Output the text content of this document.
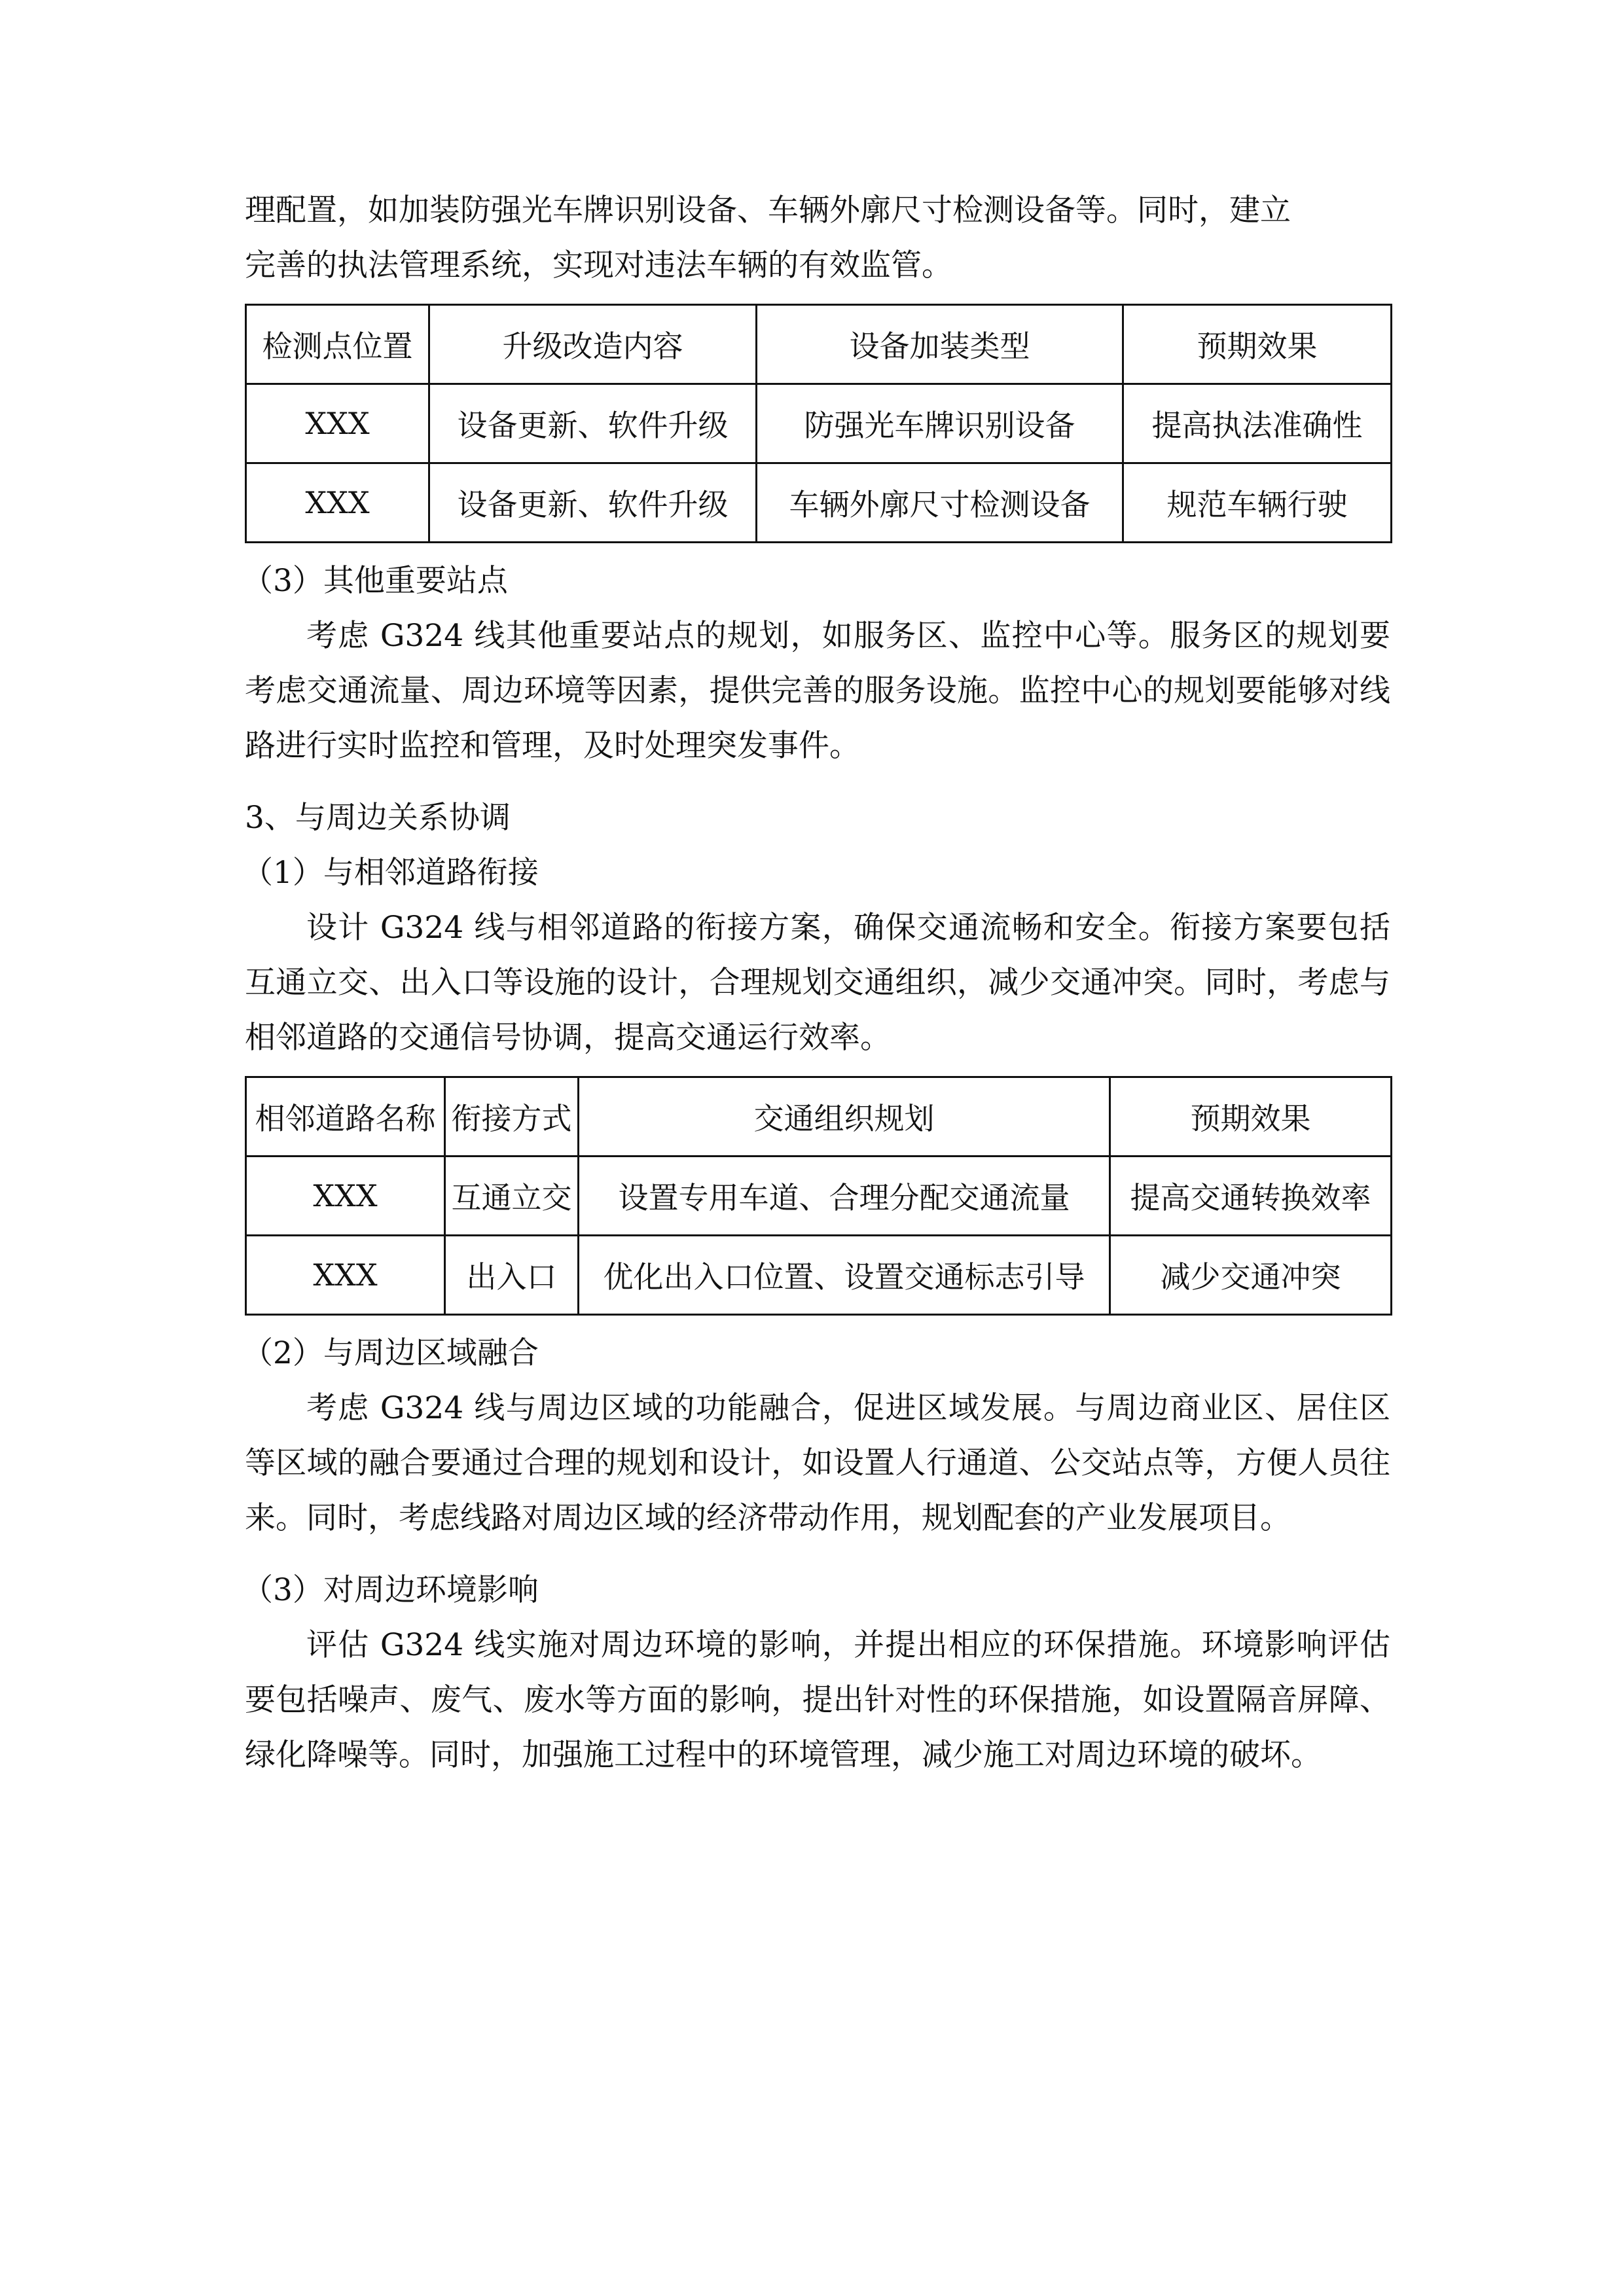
理配置，如加装防强光车牌识别设备、车辆外廓尺寸检测设备等。同时，建立

完善的执法管理系统，实现对违法车辆的有效监管。

检测点位置	升级改造内容	设备加装类型	预期效果
XXX	设备更新、软件升级	防强光车牌识别设备	提高执法准确性
XXX	设备更新、软件升级	车辆外廓尺寸检测设备	规范车辆行驶

（3）其他重要站点

考虑 G324 线其他重要站点的规划，如服务区、监控中心等。服务区的规划要考虑交通流量、周边环境等因素，提供完善的服务设施。监控中心的规划要能够对线路进行实时监控和管理，及时处理突发事件。

3、与周边关系协调

（1）与相邻道路衔接

设计 G324 线与相邻道路的衔接方案，确保交通流畅和安全。衔接方案要包括互通立交、出入口等设施的设计，合理规划交通组织，减少交通冲突。同时，考虑与相邻道路的交通信号协调，提高交通运行效率。

相邻道路名称	衔接方式	交通组织规划	预期效果
XXX	互通立交	设置专用车道、合理分配交通流量	提高交通转换效率
XXX	出入口	优化出入口位置、设置交通标志引导	减少交通冲突

（2）与周边区域融合

考虑 G324 线与周边区域的功能融合，促进区域发展。与周边商业区、居住区等区域的融合要通过合理的规划和设计，如设置人行通道、公交站点等，方便人员往来。同时，考虑线路对周边区域的经济带动作用，规划配套的产业发展项目。

（3）对周边环境影响

评估 G324 线实施对周边环境的影响，并提出相应的环保措施。环境影响评估要包括噪声、废气、废水等方面的影响，提出针对性的环保措施，如设置隔音屏障、绿化降噪等。同时，加强施工过程中的环境管理，减少施工对周边环境的破坏。
